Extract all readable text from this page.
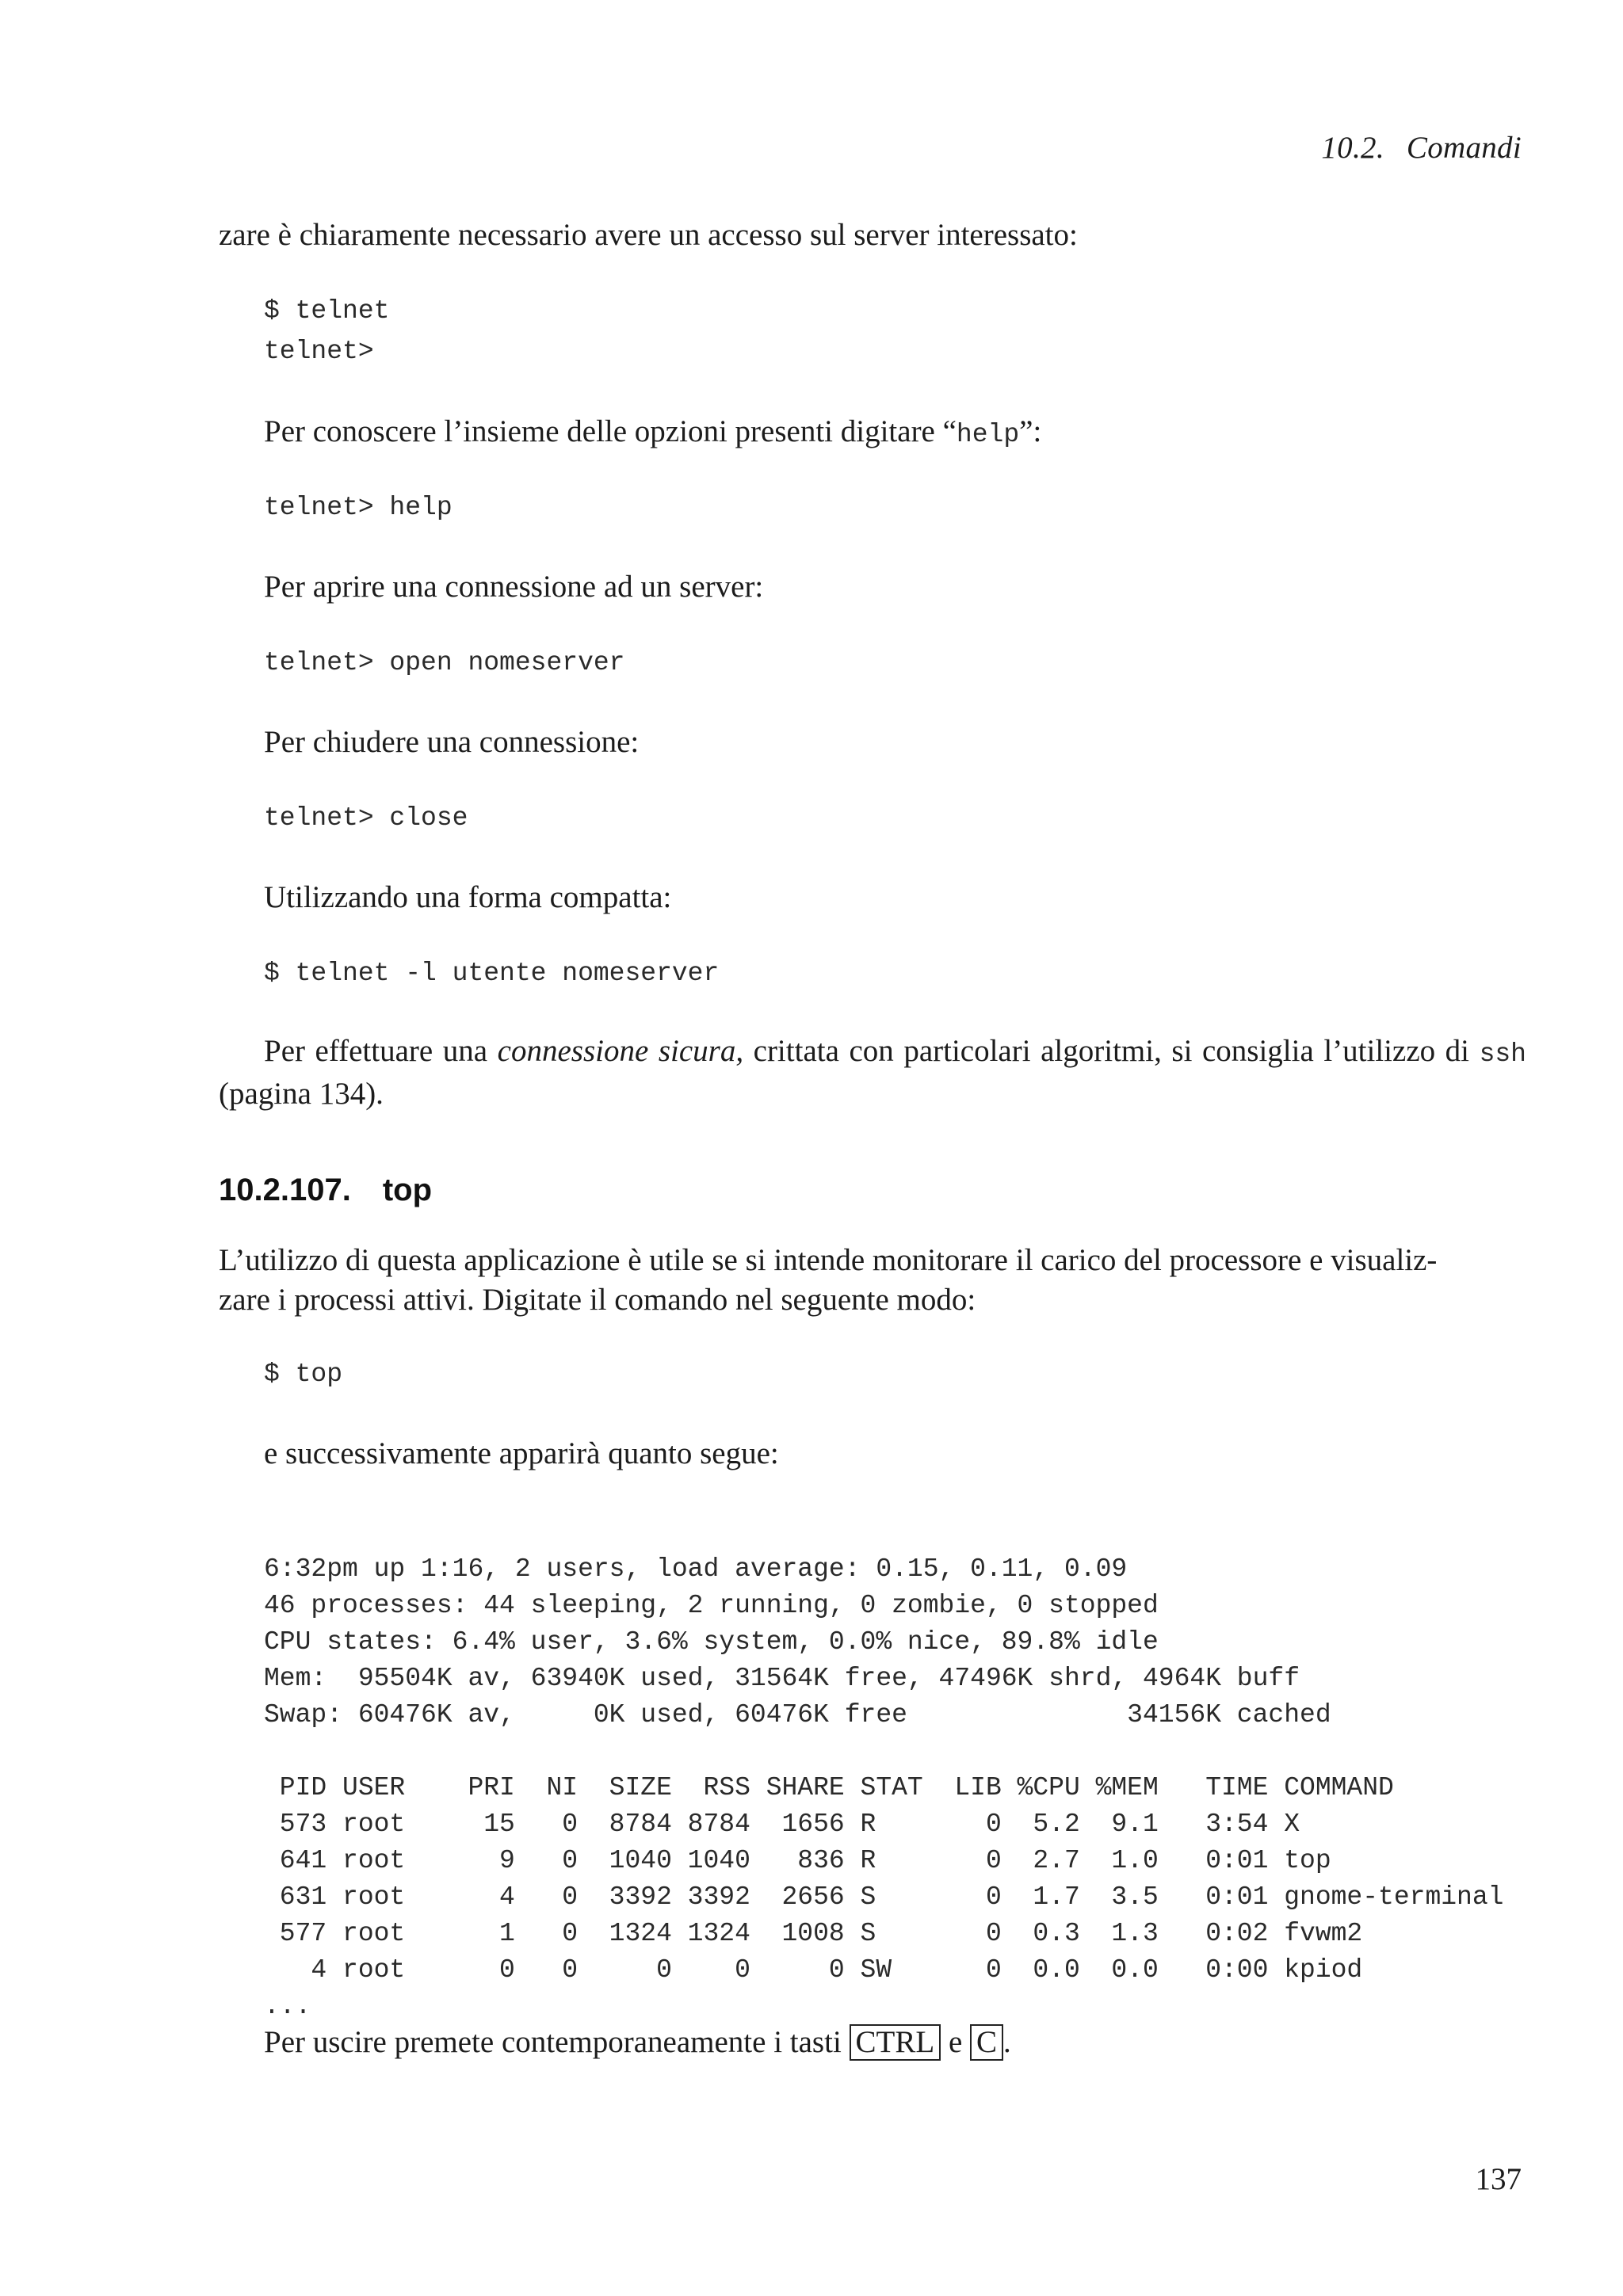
10.2. Comandi

zare è chiaramente necessario avere un accesso sul server interessato:

$ telnet
telnet>

Per conoscere l’insieme delle opzioni presenti digitare “help”:

telnet> help

Per aprire una connessione ad un server:

telnet> open nomeserver

Per chiudere una connessione:

telnet> close

Utilizzando una forma compatta:

$ telnet -l utente nomeserver

Per effettuare una connessione sicura, crittata con particolari algoritmi, si consiglia l’utilizzo di ssh (pagina 134).

10.2.107. top

L’utilizzo di questa applicazione è utile se si intende monitorare il carico del processore e visualiz-
zare i processi attivi. Digitate il comando nel seguente modo:

$ top

e successivamente apparirà quanto segue:

6:32pm up 1:16, 2 users, load average: 0.15, 0.11, 0.09
46 processes: 44 sleeping, 2 running, 0 zombie, 0 stopped
CPU states: 6.4% user, 3.6% system, 0.0% nice, 89.8% idle
Mem:  95504K av, 63940K used, 31564K free, 47496K shrd, 4964K buff
Swap: 60476K av,     0K used, 60476K free              34156K cached
PID USER    PRI  NI  SIZE  RSS SHARE STAT  LIB %CPU %MEM   TIME COMMAND
573 root     15   0  8784 8784  1656 R       0  5.2  9.1   3:54 X
641 root      9   0  1040 1040   836 R       0  2.7  1.0   0:01 top
631 root      4   0  3392 3392  2656 S       0  1.7  3.5   0:01 gnome-terminal
577 root      1   0  1324 1324  1008 S       0  0.3  1.3   0:02 fvwm2
4 root      0   0     0    0     0 SW      0  0.0  0.0   0:00 kpiod
...

Per uscire premete contemporaneamente i tasti CTRL e C .

137
